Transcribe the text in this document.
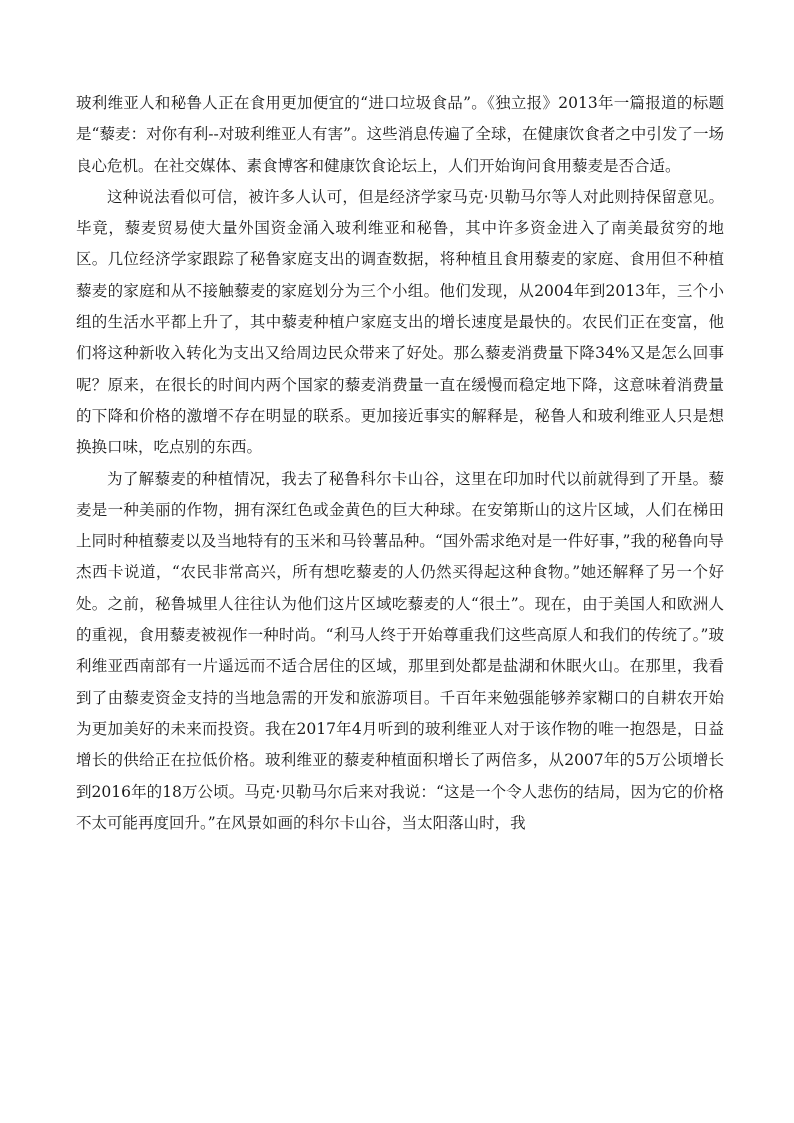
玻利维亚人和秘鲁人正在食用更加便宜的“进口垃圾食品”。《独立报》2013年一篇报道的标题是“藜麦：对你有利--对玻利维亚人有害”。这些消息传遍了全球，在健康饮食者之中引发了一场良心危机。在社交媒体、素食博客和健康饮食论坛上，人们开始询问食用藜麦是否合适。

这种说法看似可信，被许多人认可，但是经济学家马克·贝勒马尔等人对此则持保留意见。毕竟，藜麦贸易使大量外国资金涌入玻利维亚和秘鲁，其中许多资金进入了南美最贫穷的地区。几位经济学家跟踪了秘鲁家庭支出的调查数据，将种植且食用藜麦的家庭、食用但不种植藜麦的家庭和从不接触藜麦的家庭划分为三个小组。他们发现，从2004年到2013年，三个小组的生活水平都上升了，其中藜麦种植户家庭支出的增长速度是最快的。农民们正在变富，他们将这种新收入转化为支出又给周边民众带来了好处。那么藜麦消费量下降34%又是怎么回事呢？原来，在很长的时间内两个国家的藜麦消费量一直在缓慢而稳定地下降，这意味着消费量的下降和价格的激增不存在明显的联系。更加接近事实的解释是，秘鲁人和玻利维亚人只是想换换口味，吃点别的东西。

为了解藜麦的种植情况，我去了秘鲁科尔卡山谷，这里在印加时代以前就得到了开垦。藜麦是一种美丽的作物，拥有深红色或金黄色的巨大种球。在安第斯山的这片区域，人们在梯田上同时种植藜麦以及当地特有的玉米和马铃薯品种。“国外需求绝对是一件好事，”我的秘鲁向导杰西卡说道，“农民非常高兴，所有想吃藜麦的人仍然买得起这种食物。”她还解释了另一个好处。之前，秘鲁城里人往往认为他们这片区域吃藜麦的人“很土”。现在，由于美国人和欧洲人的重视，食用藜麦被视作一种时尚。“利马人终于开始尊重我们这些高原人和我们的传统了。”玻利维亚西南部有一片遥远而不适合居住的区域，那里到处都是盐湖和休眠火山。在那里，我看到了由藜麦资金支持的当地急需的开发和旅游项目。千百年来勉强能够养家糊口的自耕农开始为更加美好的未来而投资。我在2017年4月听到的玻利维亚人对于该作物的唯一抱怨是，日益增长的供给正在拉低价格。玻利维亚的藜麦种植面积增长了两倍多，从2007年的5万公顷增长到2016年的18万公顷。马克·贝勒马尔后来对我说：“这是一个令人悲伤的结局，因为它的价格不太可能再度回升。”在风景如画的科尔卡山谷，当太阳落山时，我
